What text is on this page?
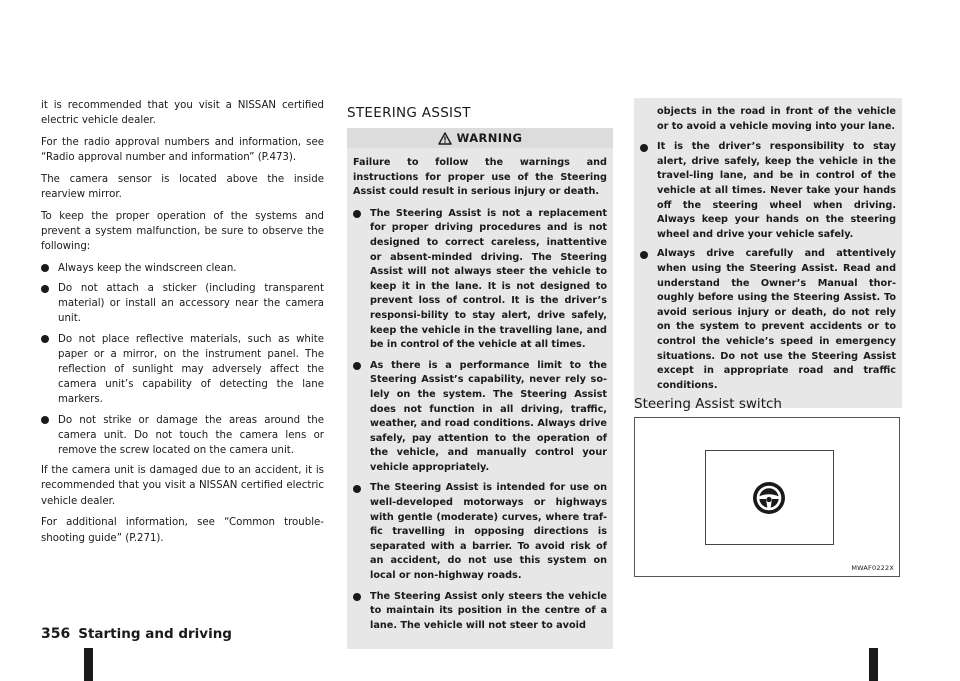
it is recommended that you visit a NISSAN certified electric vehicle dealer.

For the radio approval numbers and information, see “Radio approval number and information” (P.473).

The camera sensor is located above the inside rearview mirror.

To keep the proper operation of the systems and prevent a system malfunction, be sure to observe the following:

Always keep the windscreen clean.
Do not attach a sticker (including transparent material) or install an accessory near the camera unit.
Do not place reflective materials, such as white paper or a mirror, on the instrument panel. The reflection of sunlight may adversely affect the camera unit’s capability of detecting the lane markers.
Do not strike or damage the areas around the camera unit. Do not touch the camera lens or remove the screw located on the camera unit.

If the camera unit is damaged due to an accident, it is recommended that you visit a NISSAN certified electric vehicle dealer.

For additional information, see “Common trouble-shooting guide” (P.271).

STEERING ASSIST
WARNING

Failure to follow the warnings and instructions for proper use of the Steering Assist could result in serious injury or death.

The Steering Assist is not a replacement for proper driving procedures and is not designed to correct careless, inattentive or absent-minded driving. The Steering Assist will not always steer the vehicle to keep it in the lane. It is not designed to prevent loss of control. It is the driver’s responsi-bility to stay alert, drive safely, keep the vehicle in the travelling lane, and be in control of the vehicle at all times.
As there is a performance limit to the Steering Assist’s capability, never rely so-lely on the system. The Steering Assist does not function in all driving, traffic, weather, and road conditions. Always drive safely, pay attention to the operation of the vehicle, and manually control your vehicle appropriately.
The Steering Assist is intended for use on well-developed motorways or highways with gentle (moderate) curves, where traf-fic travelling in opposing directions is separated with a barrier. To avoid risk of an accident, do not use this system on local or non-highway roads.
The Steering Assist only steers the vehicle to maintain its position in the centre of a lane. The vehicle will not steer to avoid
objects in the road in front of the vehicle or to avoid a vehicle moving into your lane.
It is the driver’s responsibility to stay alert, drive safely, keep the vehicle in the travel-ling lane, and be in control of the vehicle at all times. Never take your hands off the steering wheel when driving. Always keep your hands on the steering wheel and drive your vehicle safely.
Always drive carefully and attentively when using the Steering Assist. Read and understand the Owner’s Manual thor-oughly before using the Steering Assist. To avoid serious injury or death, do not rely on the system to prevent accidents or to control the vehicle’s speed in emergency situations. Do not use the Steering Assist except in appropriate road and traffic conditions.
Steering Assist switch
MWAF0222X
356 Starting and driving
